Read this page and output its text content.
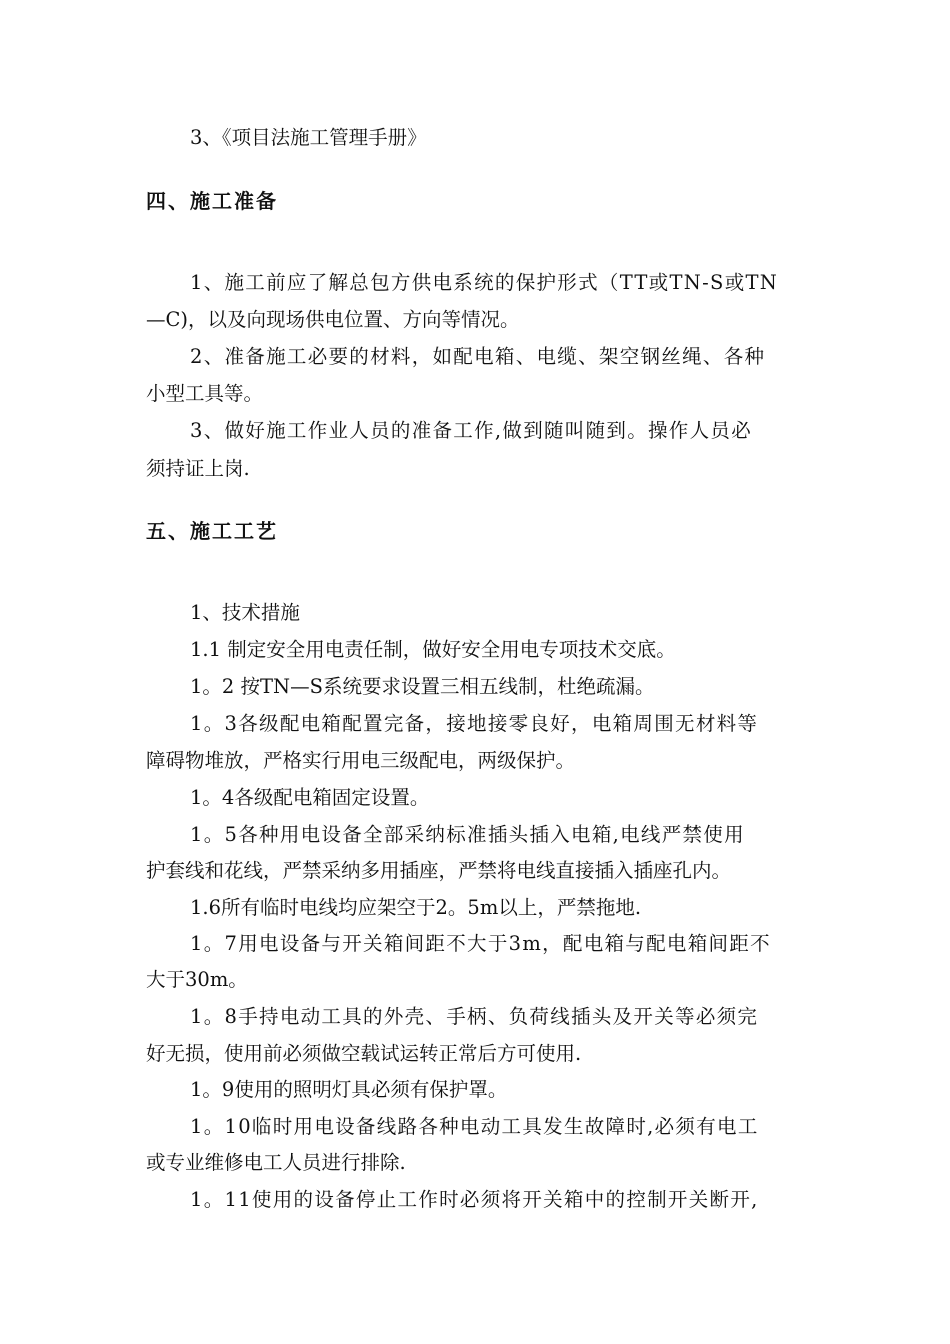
3、《项目法施工管理手册》
四、施工准备
1、施工前应了解总包方供电系统的保护形式（TT或TN-S或TN
—C)，以及向现场供电位置、方向等情况。
2、准备施工必要的材料，如配电箱、电缆、架空钢丝绳、各种
小型工具等。
3、做好施工作业人员的准备工作,做到随叫随到。操作人员必
须持证上岗.
五、施工工艺
1、技术措施
1.1 制定安全用电责任制，做好安全用电专项技术交底。
1。2 按TN—S系统要求设置三相五线制，杜绝疏漏。
1。3各级配电箱配置完备，接地接零良好，电箱周围无材料等
障碍物堆放，严格实行用电三级配电，两级保护。
1。4各级配电箱固定设置。
1。5各种用电设备全部采纳标准插头插入电箱,电线严禁使用
护套线和花线，严禁采纳多用插座，严禁将电线直接插入插座孔内。
1.6所有临时电线均应架空于2。5m以上，严禁拖地.
1。7用电设备与开关箱间距不大于3m，配电箱与配电箱间距不
大于30m。
1。8手持电动工具的外壳、手柄、负荷线插头及开关等必须完
好无损，使用前必须做空载试运转正常后方可使用.
1。9使用的照明灯具必须有保护罩。
1。10临时用电设备线路各种电动工具发生故障时,必须有电工
或专业维修电工人员进行排除.
1。11使用的设备停止工作时必须将开关箱中的控制开关断开,
